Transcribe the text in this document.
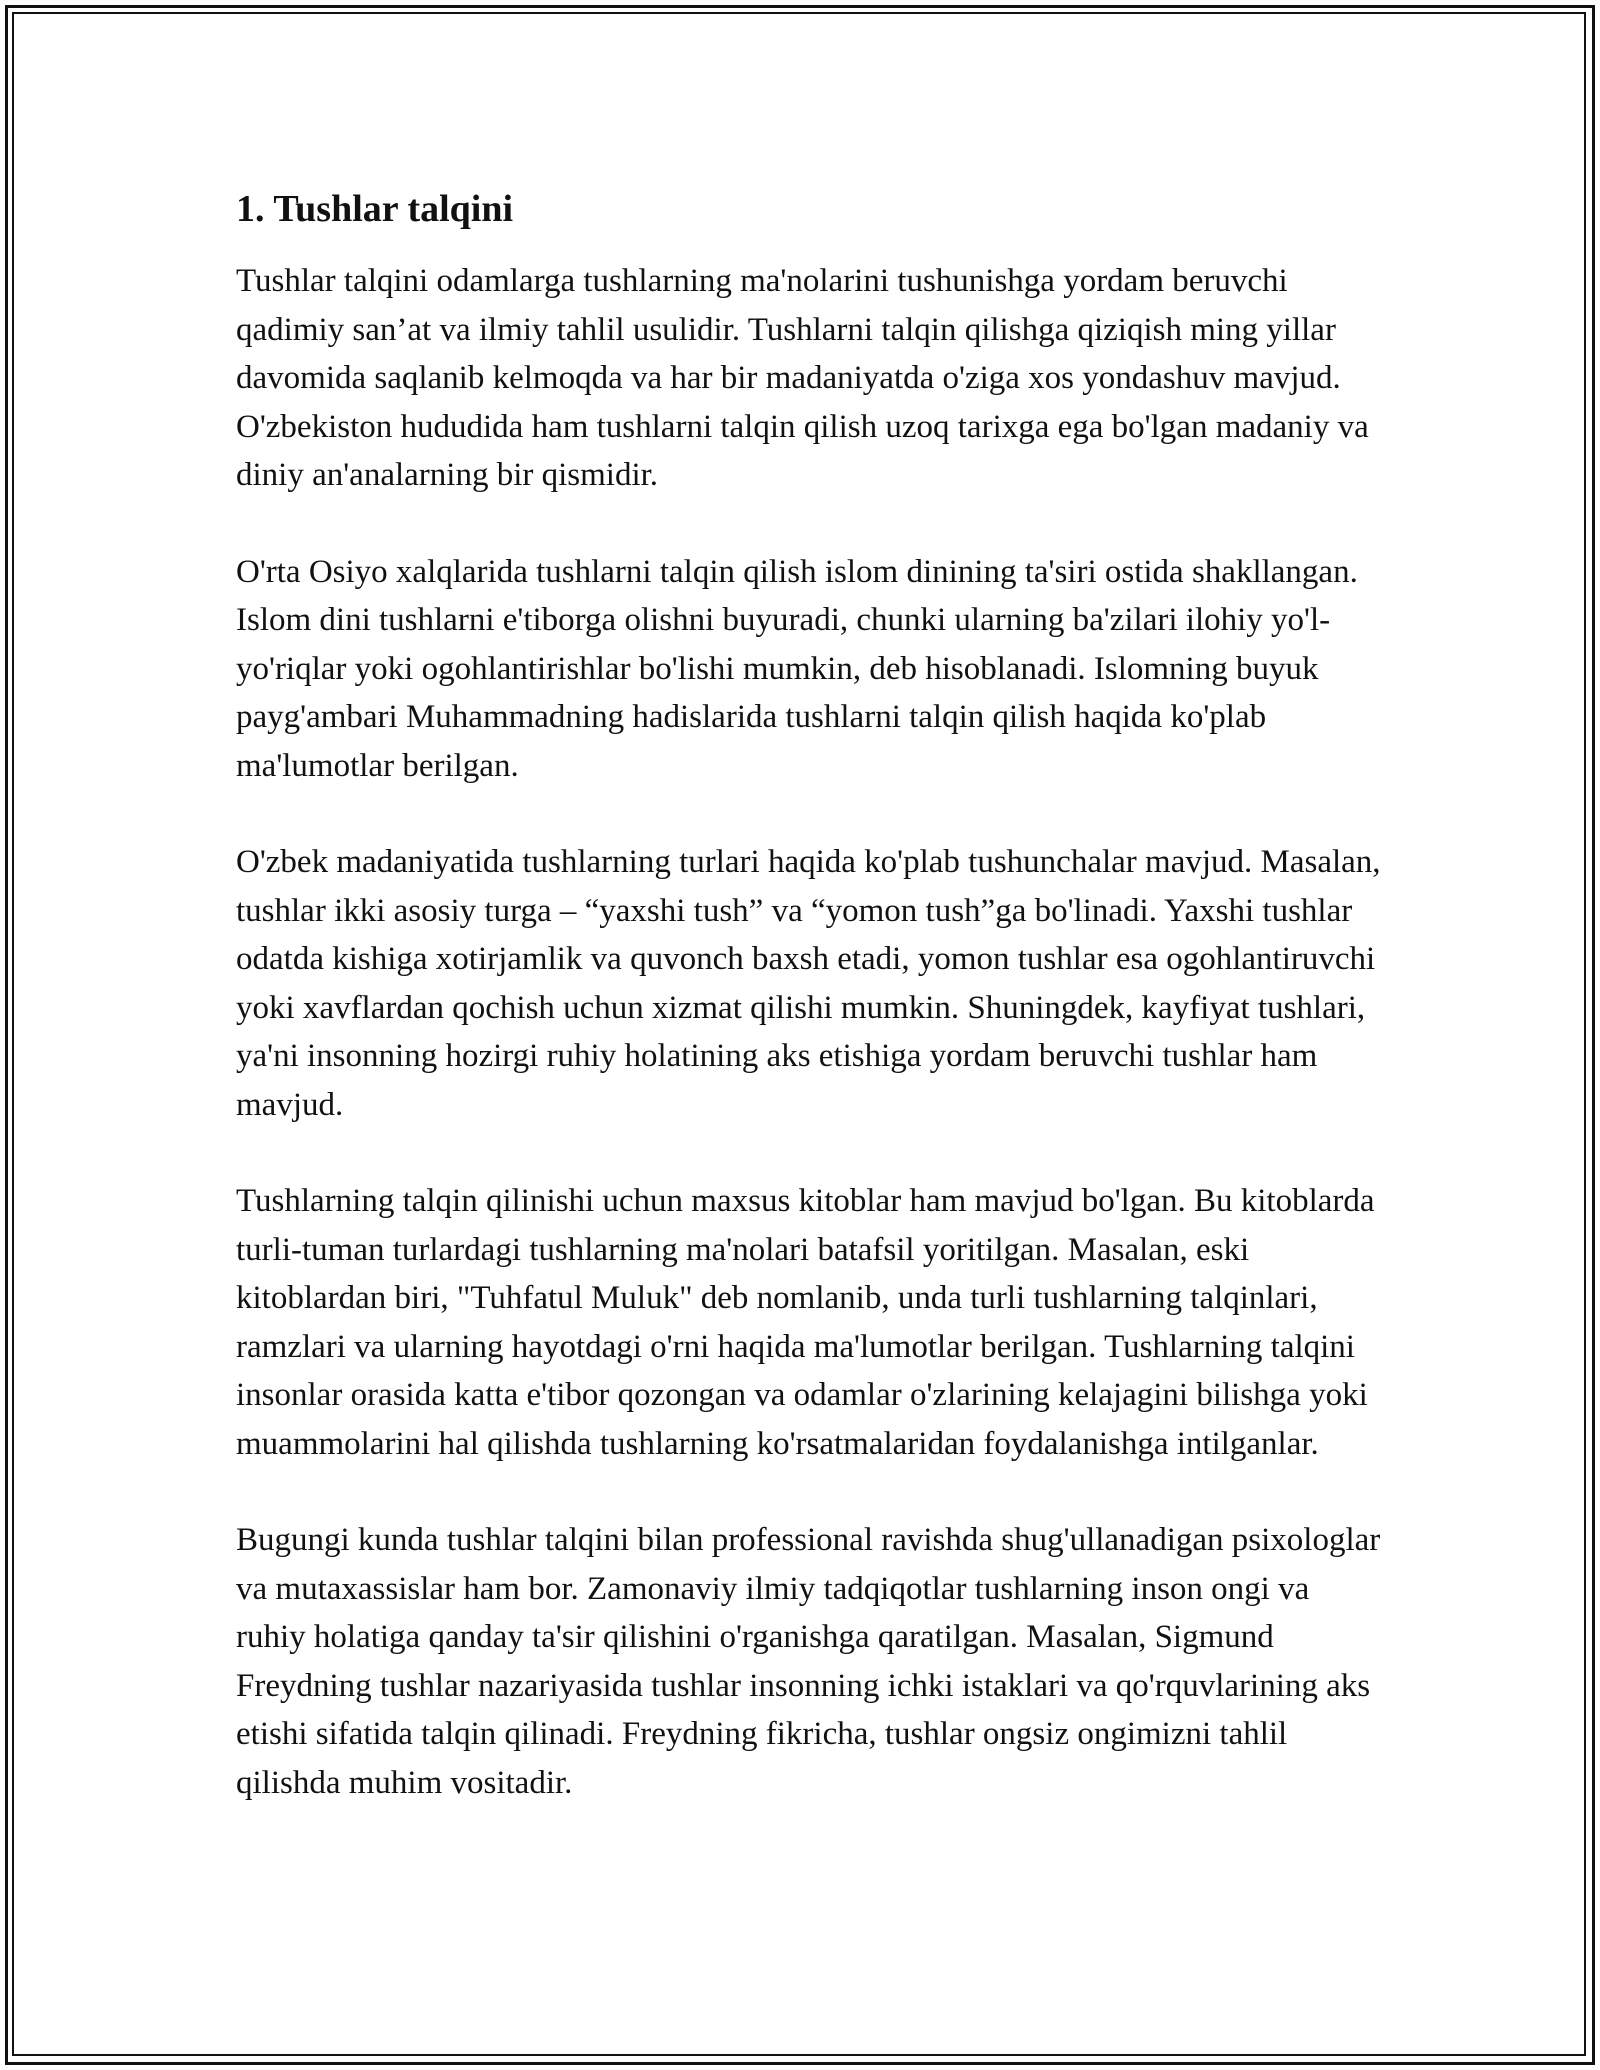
1. Tushlar talqini

Tushlar talqini odamlarga tushlarning ma'nolarini tushunishga yordam beruvchi qadimiy san’at va ilmiy tahlil usulidir. Tushlarni talqin qilishga qiziqish ming yillar davomida saqlanib kelmoqda va har bir madaniyatda o'ziga xos yondashuv mavjud. O'zbekiston hududida ham tushlarni talqin qilish uzoq tarixga ega bo'lgan madaniy va diniy an'analarning bir qismidir.

O'rta Osiyo xalqlarida tushlarni talqin qilish islom dinining ta'siri ostida shakllangan. Islom dini tushlarni e'tiborga olishni buyuradi, chunki ularning ba'zilari ilohiy yo'l-yo'riqlar yoki ogohlantirishlar bo'lishi mumkin, deb hisoblanadi. Islomning buyuk payg'ambari Muhammadning hadislarida tushlarni talqin qilish haqida ko'plab ma'lumotlar berilgan.

O'zbek madaniyatida tushlarning turlari haqida ko'plab tushunchalar mavjud. Masalan, tushlar ikki asosiy turga – “yaxshi tush” va “yomon tush”ga bo'linadi. Yaxshi tushlar odatda kishiga xotirjamlik va quvonch baxsh etadi, yomon tushlar esa ogohlantiruvchi yoki xavflardan qochish uchun xizmat qilishi mumkin. Shuningdek, kayfiyat tushlari, ya'ni insonning hozirgi ruhiy holatining aks etishiga yordam beruvchi tushlar ham mavjud.

Tushlarning talqin qilinishi uchun maxsus kitoblar ham mavjud bo'lgan. Bu kitoblarda turli-tuman turlardagi tushlarning ma'nolari batafsil yoritilgan. Masalan, eski kitoblardan biri, "Tuhfatul Muluk" deb nomlanib, unda turli tushlarning talqinlari, ramzlari va ularning hayotdagi o'rni haqida ma'lumotlar berilgan. Tushlarning talqini insonlar orasida katta e'tibor qozongan va odamlar o'zlarining kelajagini bilishga yoki muammolarini hal qilishda tushlarning ko'rsatmalaridan foydalanishga intilganlar.

Bugungi kunda tushlar talqini bilan professional ravishda shug'ullanadigan psixologlar va mutaxassislar ham bor. Zamonaviy ilmiy tadqiqotlar tushlarning inson ongi va ruhiy holatiga qanday ta'sir qilishini o'rganishga qaratilgan. Masalan, Sigmund Freydning tushlar nazariyasida tushlar insonning ichki istaklari va qo'rquvlarining aks etishi sifatida talqin qilinadi. Freydning fikricha, tushlar ongsiz ongimizni tahlil qilishda muhim vositadir.
